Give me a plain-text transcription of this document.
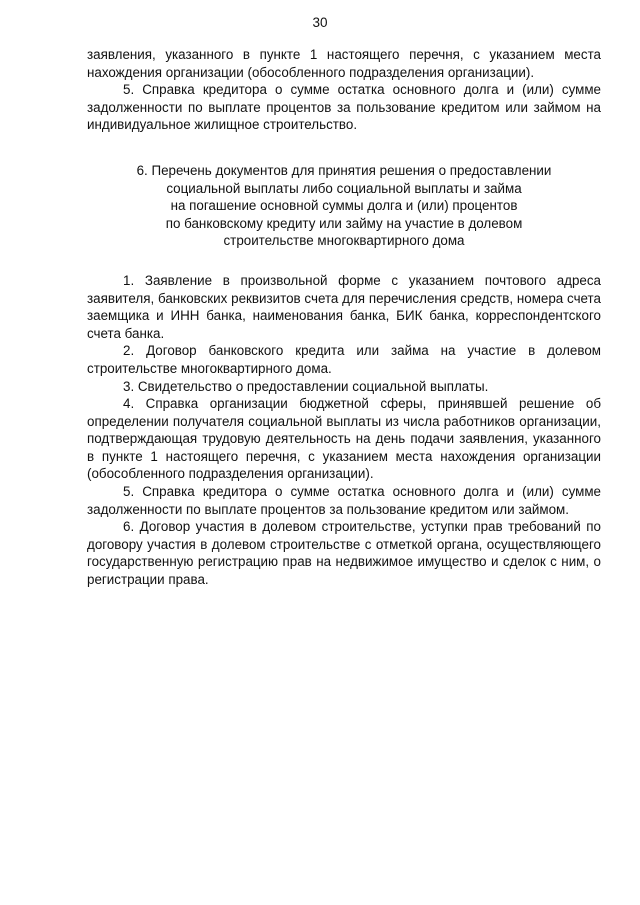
30

заявления, указанного в пункте 1 настоящего перечня, с указанием места нахождения организации (обособленного подразделения организации).

5. Справка кредитора о сумме остатка основного долга и (или) сумме задолженности по выплате процентов за пользование кредитом или займом на индивидуальное жилищное строительство.

6. Перечень документов для принятия решения о предоставлении
социальной выплаты либо социальной выплаты и займа
на погашение основной суммы долга и (или) процентов
по банковскому кредиту или займу на участие в долевом
строительстве многоквартирного дома

1. Заявление в произвольной форме с указанием почтового адреса заявителя, банковских реквизитов счета для перечисления средств, номера счета заемщика и ИНН банка, наименования банка, БИК банка, корреспондентского счета банка.

2. Договор банковского кредита или займа на участие в долевом строительстве многоквартирного дома.

3. Свидетельство о предоставлении социальной выплаты.

4. Справка организации бюджетной сферы, принявшей решение об определении получателя социальной выплаты из числа работников организации, подтверждающая трудовую деятельность на день подачи заявления, указанного в пункте 1 настоящего перечня, с указанием места нахождения организации (обособленного подразделения организации).

5. Справка кредитора о сумме остатка основного долга и (или) сумме задолженности по выплате процентов за пользование кредитом или займом.

6. Договор участия в долевом строительстве, уступки прав требований по договору участия в долевом строительстве с отметкой органа, осуществляющего государственную регистрацию прав на недвижимое имущество и сделок с ним, о регистрации права.
